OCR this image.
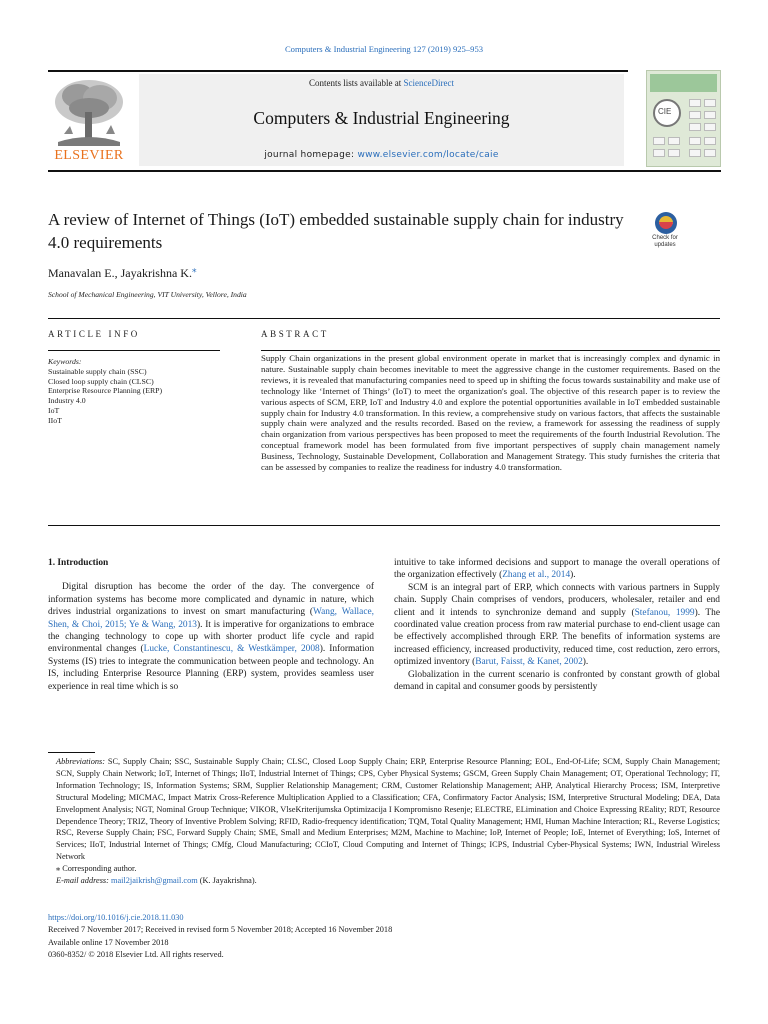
Computers & Industrial Engineering 127 (2019) 925–953
ELSEVIER
Contents lists available at ScienceDirect
Computers & Industrial Engineering
journal homepage: www.elsevier.com/locate/caie
CIE
A review of Internet of Things (IoT) embedded sustainable supply chain for industry 4.0 requirements	Check for updates
Manavalan E., Jayakrishna K.⁎
School of Mechanical Engineering, VIT University, Vellore, India
ARTICLE INFO	ABSTRACT
Keywords:
Sustainable supply chain (SSC)
Closed loop supply chain (CLSC)
Enterprise Resource Planning (ERP)
Industry 4.0
IoT
IIoT
Supply Chain organizations in the present global environment operate in market that is increasingly complex and dynamic in nature. Sustainable supply chain becomes inevitable to meet the aggressive change in the customer requirements. Based on the reviews, it is revealed that manufacturing companies need to speed up in shifting the focus towards sustainability and make use of technology like ‘Internet of Things’ (IoT) to meet the organization's goal. The objective of this research paper is to review the various aspects of SCM, ERP, IoT and Industry 4.0 and explore the potential opportunities available in IoT embedded sustainable supply chain for Industry 4.0 transformation. In this review, a comprehensive study on various factors, that affects the sustainable supply chain were analyzed and the results recorded. Based on the review, a framework for assessing the readiness of supply chain organization from various perspectives has been proposed to meet the requirements of the fourth Industrial Revolution. The conceptual framework model has been formulated from five important perspectives of supply chain management namely Business, Technology, Sustainable Development, Collaboration and Management Strategy. This study furnishes the criteria that can be assessed by companies to realize the readiness for industry 4.0 transformation.

1. Introduction

Digital disruption has become the order of the day. The convergence of information systems has become more complicated and dynamic in nature, which drives industrial organizations to invest on smart manufacturing (Wang, Wallace, Shen, & Choi, 2015; Ye & Wang, 2013). It is imperative for organizations to embrace the changing technology to cope up with shorter product life cycle and rapid environmental changes (Lucke, Constantinescu, & Westkämper, 2008). Information Systems (IS) tries to integrate the communication between people and technology. An IS, including Enterprise Resource Planning (ERP) system, provides seamless user experience in real time which is so

intuitive to take informed decisions and support to manage the overall operations of the organization effectively (Zhang et al., 2014).

SCM is an integral part of ERP, which connects with various partners in Supply chain. Supply Chain comprises of vendors, producers, wholesaler, retailer and end client and it intends to synchronize demand and supply (Stefanou, 1999). The coordinated value creation process from raw material purchase to end-client usage can be effectively accomplished through ERP. The benefits of information systems are increased efficiency, increased productivity, reduced time, cost reduction, zero errors, optimized inventory (Barut, Faisst, & Kanet, 2002).

Globalization in the current scenario is confronted by constant growth of global demand in capital and consumer goods by persistently

Abbreviations: SC, Supply Chain; SSC, Sustainable Supply Chain; CLSC, Closed Loop Supply Chain; ERP, Enterprise Resource Planning; EOL, End-Of-Life; SCM, Supply Chain Management; SCN, Supply Chain Network; IoT, Internet of Things; IIoT, Industrial Internet of Things; CPS, Cyber Physical Systems; GSCM, Green Supply Chain Management; OT, Operational Technology; IT, Information Technology; IS, Information Systems; SRM, Supplier Relationship Management; CRM, Customer Relationship Management; AHP, Analytical Hierarchy Process; ISM, Interpretive Structural Modeling; MICMAC, Impact Matrix Cross-Reference Multiplication Applied to a Classification; CFA, Confirmatory Factor Analysis; ISM, Interpretive Structural Modeling; DEA, Data Envelopment Analysis; NGT, Nominal Group Technique; VIKOR, VlseKriterijumska Optimizacija I Kompromisno Resenje; ELECTRE, ELimination and Choice Expressing REality; RDT, Resource Dependence Theory; TRIZ, Theory of Inventive Problem Solving; RFID, Radio-frequency identification; TQM, Total Quality Management; HMI, Human Machine Interaction; RL, Reverse Logistics; RSC, Reverse Supply Chain; FSC, Forward Supply Chain; SME, Small and Medium Enterprises; M2M, Machine to Machine; IoP, Internet of People; IoE, Internet of Everything; IoS, Internet of Services; IIoT, Industrial Internet of Things; CMfg, Cloud Manufacturing; CCIoT, Cloud Computing and Internet of Things; ICPS, Industrial Cyber-Physical Systems; IWN, Industrial Wireless Network
⁎ Corresponding author.
E-mail address: mail2jaikrish@gmail.com (K. Jayakrishna).
https://doi.org/10.1016/j.cie.2018.11.030
Received 7 November 2017; Received in revised form 5 November 2018; Accepted 16 November 2018
Available online 17 November 2018
0360-8352/ © 2018 Elsevier Ltd. All rights reserved.
